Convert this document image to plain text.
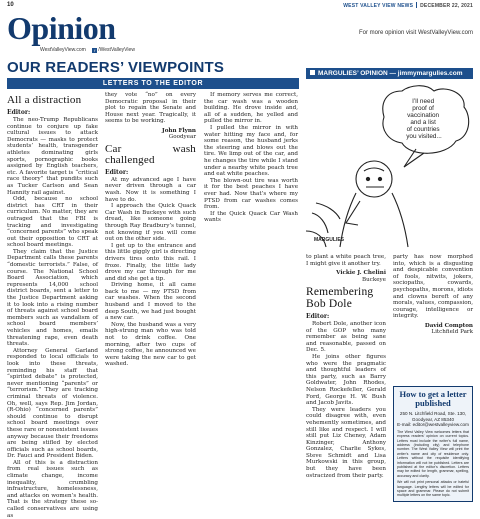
10	WEST VALLEY VIEW NEWS DECEMBER 22, 2021
Opinion
WestValleyView.com f /WestValleyView
For more opinion visit WestValleyView.com
OUR READERS’ VIEWPOINTS
LETTERS TO THE EDITOR
MARGULIES’ OPINION — jimmymargulies.com
All a distraction

Editor:

The neo-Trump Republicans continue to conjure up fake cultural issues to attack Democrats — masks to protect students’ health, transgender athletes dominating girls sports, pornographic books assigned by English teachers, etc. A favorite target is “critical race theory” that pundits such as Tucker Carlson and Sean Hannity rail against.

Odd, because no school district has CRT in their curriculum. No matter, they are outraged that the FBI is tracking and investigating “concerned parents” who speak out their opposition to CRT at school board meetings.

They claim that the Justice Department calls these parents “domestic terrorists.” False, of course. The National School Board Association, which represents 14,000 school district boards, sent a letter to the Justice Department asking it to look into a rising number of threats against school board members such as vandalism of school board members’ vehicles and homes, emails threatening rape, even death threats.

Attorney General Garland responded to local officials to look into these threats, reminding his staff that “spirited debate” is protected, never mentioning “parents” or “terrorism.” They are tracking criminal threats of violence. Oh, well, says Rep. Jim Jordan, (R-Ohio) “concerned parents” should continue to disrupt school board meetings over these rare or nonexistent issues anyway because their freedoms are being stifled by elected officials such as school boards, Dr. Fauci and President Biden.

All of this is a distraction from real issues such as climate change, income inequality, crumbling infrastructure, homelessness, and attacks on women’s health. That is the strategy these so-called conservatives are using as

they vote “no” on every Democratic proposal in their plot to regain the Senate and House next year. Tragically, it seems to be working.

John Flynn
Goodyear
Car wash challenged

Editor:

At my advanced age I have never driven through a car wash. Now it is something I have to do.

I approach the Quick Quack Car Wash in Buckeye with such dread, like someone going through Ray Bradbury’s tunnel, not knowing if you will come out on the other side.

I get up to the entrance and this little giggly girl is directing drivers tires onto this rail. I froze. Finally, the little lady drove my car through for me and did she get a tip.

Driving home, it all came back to me — my PTSD from car washes. When the second husband and I moved to the deep South, we had just bought a new car.

Now, the husband was a very high-strung man who was told not to drink coffee. One morning, after two cups of strong coffee, he announced we were taking the new car to get washed.

If memory serves me correct, the car wash was a wooden building. He drove inside and, all of a sudden, he yelled and pulled the mirror in.

I pulled the mirror in with water hitting my face and, for some reason, the husband jerks the steering and blows out the tire. We limp out of the car, and he changes the tire while I stand under a nearby white peach tree and eat white peaches.

The blown-out tire was worth it for the best peaches I have ever had. Now that’s where my PTSD from car washes comes from.

If the Quick Quack Car Wash wants

I’ll need proof of vaccination and a list of countries you visited...
MARGULIES

to plant a white peach tree, I might give it another try.

Vickie J. Chelini
Buckeye
Remembering Bob Dole

Editor:

Robert Dole, another icon of the GOP who many remember as being sane and reasonable, passed on Dec. 5.

He joins other figures who were the pragmatic and thoughtful leaders of this party, such as Barry Goldwater, John Rhodes, Nelson Rockefeller, Gerald Ford, George H. W. Bush and Jacob Javits.

They were leaders you could disagree with, even vehemently sometimes, and still like and respect. I will still put Liz Cheney, Adam Kinzinger, Anthony Gonzalez, Charlie Sykes, Steve Schmidt and Lisa Murkowski in this group, but they have been ostracized from their party.

party has now morphed into, which is a disgusting and despicable convention of fools, nitwits, jokers, sociopaths, cowards, psychopaths, morons, idiots and clowns bereft of any morals, values, compassion, courage, intelligence or integrity.

David Compton
Litchfield Park
How to get a letter published
250 N. Litchfield Road, Ste. 130, Goodyear, AZ 85340
E-mail: editor@westvalleyview.com
The West Valley View welcomes letters that express readers’ opinion on current topics. Letters must include the writer’s full name, address (including city) and telephone number. The West Valley View will print the writer’s name and city of residence only. Letters without the requisite identifying information will not be published. Letters are published at the editor’s discretion. Letters may be edited for length, grammar, spelling, accuracy and clarity.
We will not print personal attacks or hateful language. Lengthy letters will be edited for space and grammar. Please do not submit multiple letters on the same topic.
